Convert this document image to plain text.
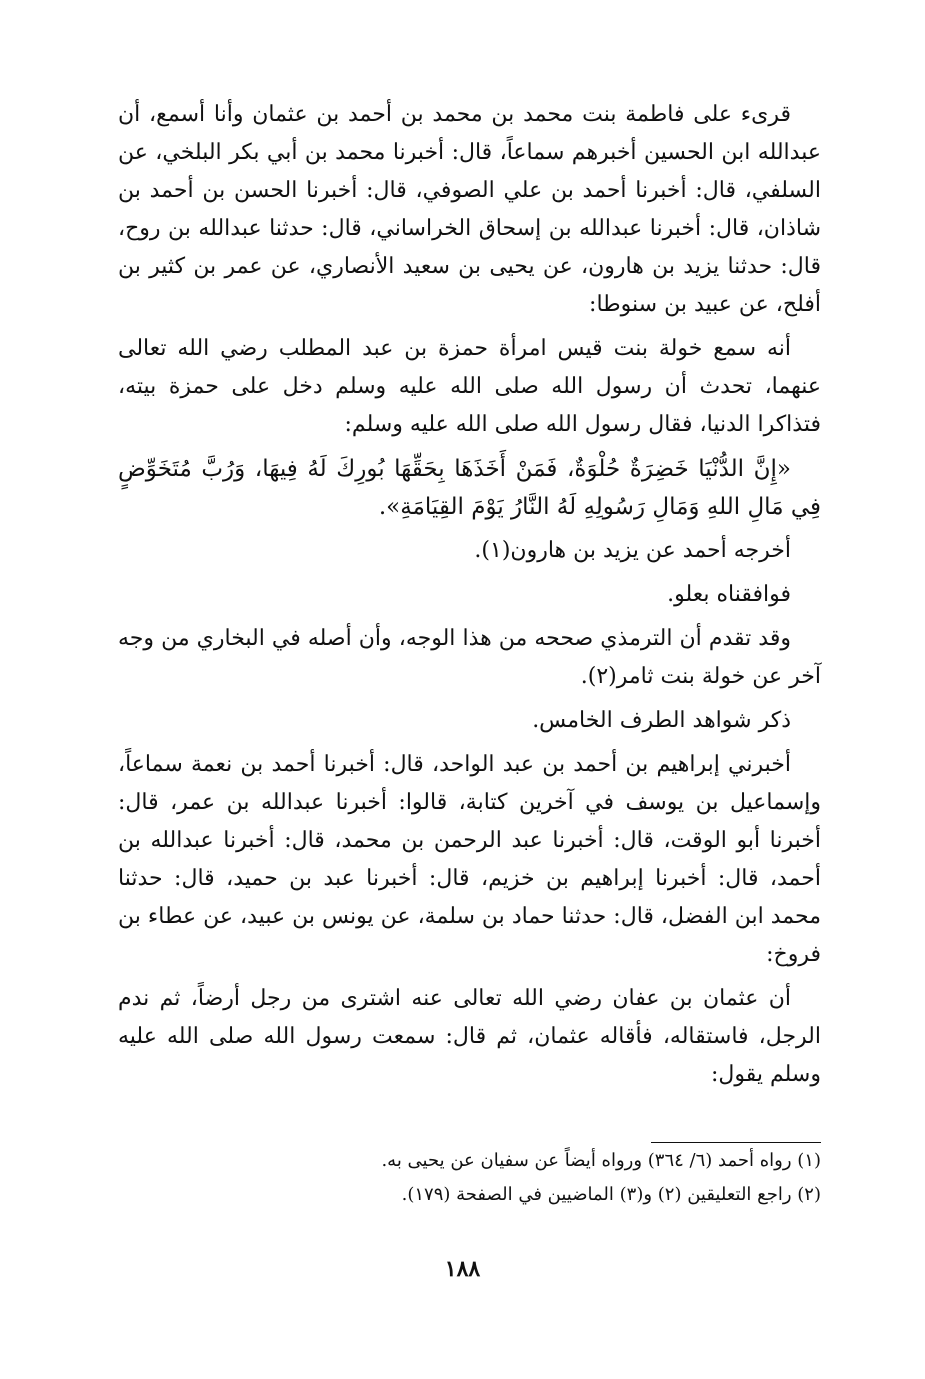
قرىء على فاطمة بنت محمد بن محمد بن أحمد بن عثمان وأنا أسمع، أن عبدالله ابن الحسين أخبرهم سماعاً، قال: أخبرنا محمد بن أبي بكر البلخي، عن السلفي، قال: أخبرنا أحمد بن علي الصوفي، قال: أخبرنا الحسن بن أحمد بن شاذان، قال: أخبرنا عبدالله بن إسحاق الخراساني، قال: حدثنا عبدالله بن روح، قال: حدثنا يزيد بن هارون، عن يحيى بن سعيد الأنصاري، عن عمر بن كثير بن أفلح، عن عبيد بن سنوطا:

أنه سمع خولة بنت قيس امرأة حمزة بن عبد المطلب رضي الله تعالى عنهما، تحدث أن رسول الله صلى الله عليه وسلم دخل على حمزة بيته، فتذاكرا الدنيا، فقال رسول الله صلى الله عليه وسلم:

«إِنَّ الدُّنْيَا خَضِرَةٌ حُلْوَةٌ، فَمَنْ أَخَذَهَا بِحَقِّهَا بُورِكَ لَهُ فِيهَا، وَرُبَّ مُتَخَوِّضٍ فِي مَالِ اللهِ وَمَالِ رَسُولِهِ لَهُ النَّارُ يَوْمَ القِيَامَةِ».

أخرجه أحمد عن يزيد بن هارون(١).

فوافقناه بعلو.

وقد تقدم أن الترمذي صححه من هذا الوجه، وأن أصله في البخاري من وجه آخر عن خولة بنت ثامر(٢).

ذكر شواهد الطرف الخامس.

أخبرني إبراهيم بن أحمد بن عبد الواحد، قال: أخبرنا أحمد بن نعمة سماعاً، وإسماعيل بن يوسف في آخرين كتابة، قالوا: أخبرنا عبدالله بن عمر، قال: أخبرنا أبو الوقت، قال: أخبرنا عبد الرحمن بن محمد، قال: أخبرنا عبدالله بن أحمد، قال: أخبرنا إبراهيم بن خزيم، قال: أخبرنا عبد بن حميد، قال: حدثنا محمد ابن الفضل، قال: حدثنا حماد بن سلمة، عن يونس بن عبيد، عن عطاء بن فروخ:

أن عثمان بن عفان رضي الله تعالى عنه اشترى من رجل أرضاً، ثم ندم الرجل، فاستقاله، فأقاله عثمان، ثم قال: سمعت رسول الله صلى الله عليه وسلم يقول:

(١) رواه أحمد (٦/ ٣٦٤) ورواه أيضاً عن سفيان عن يحيى به.

(٢) راجع التعليقين (٢) و(٣) الماضيين في الصفحة (١٧٩).

١٨٨
